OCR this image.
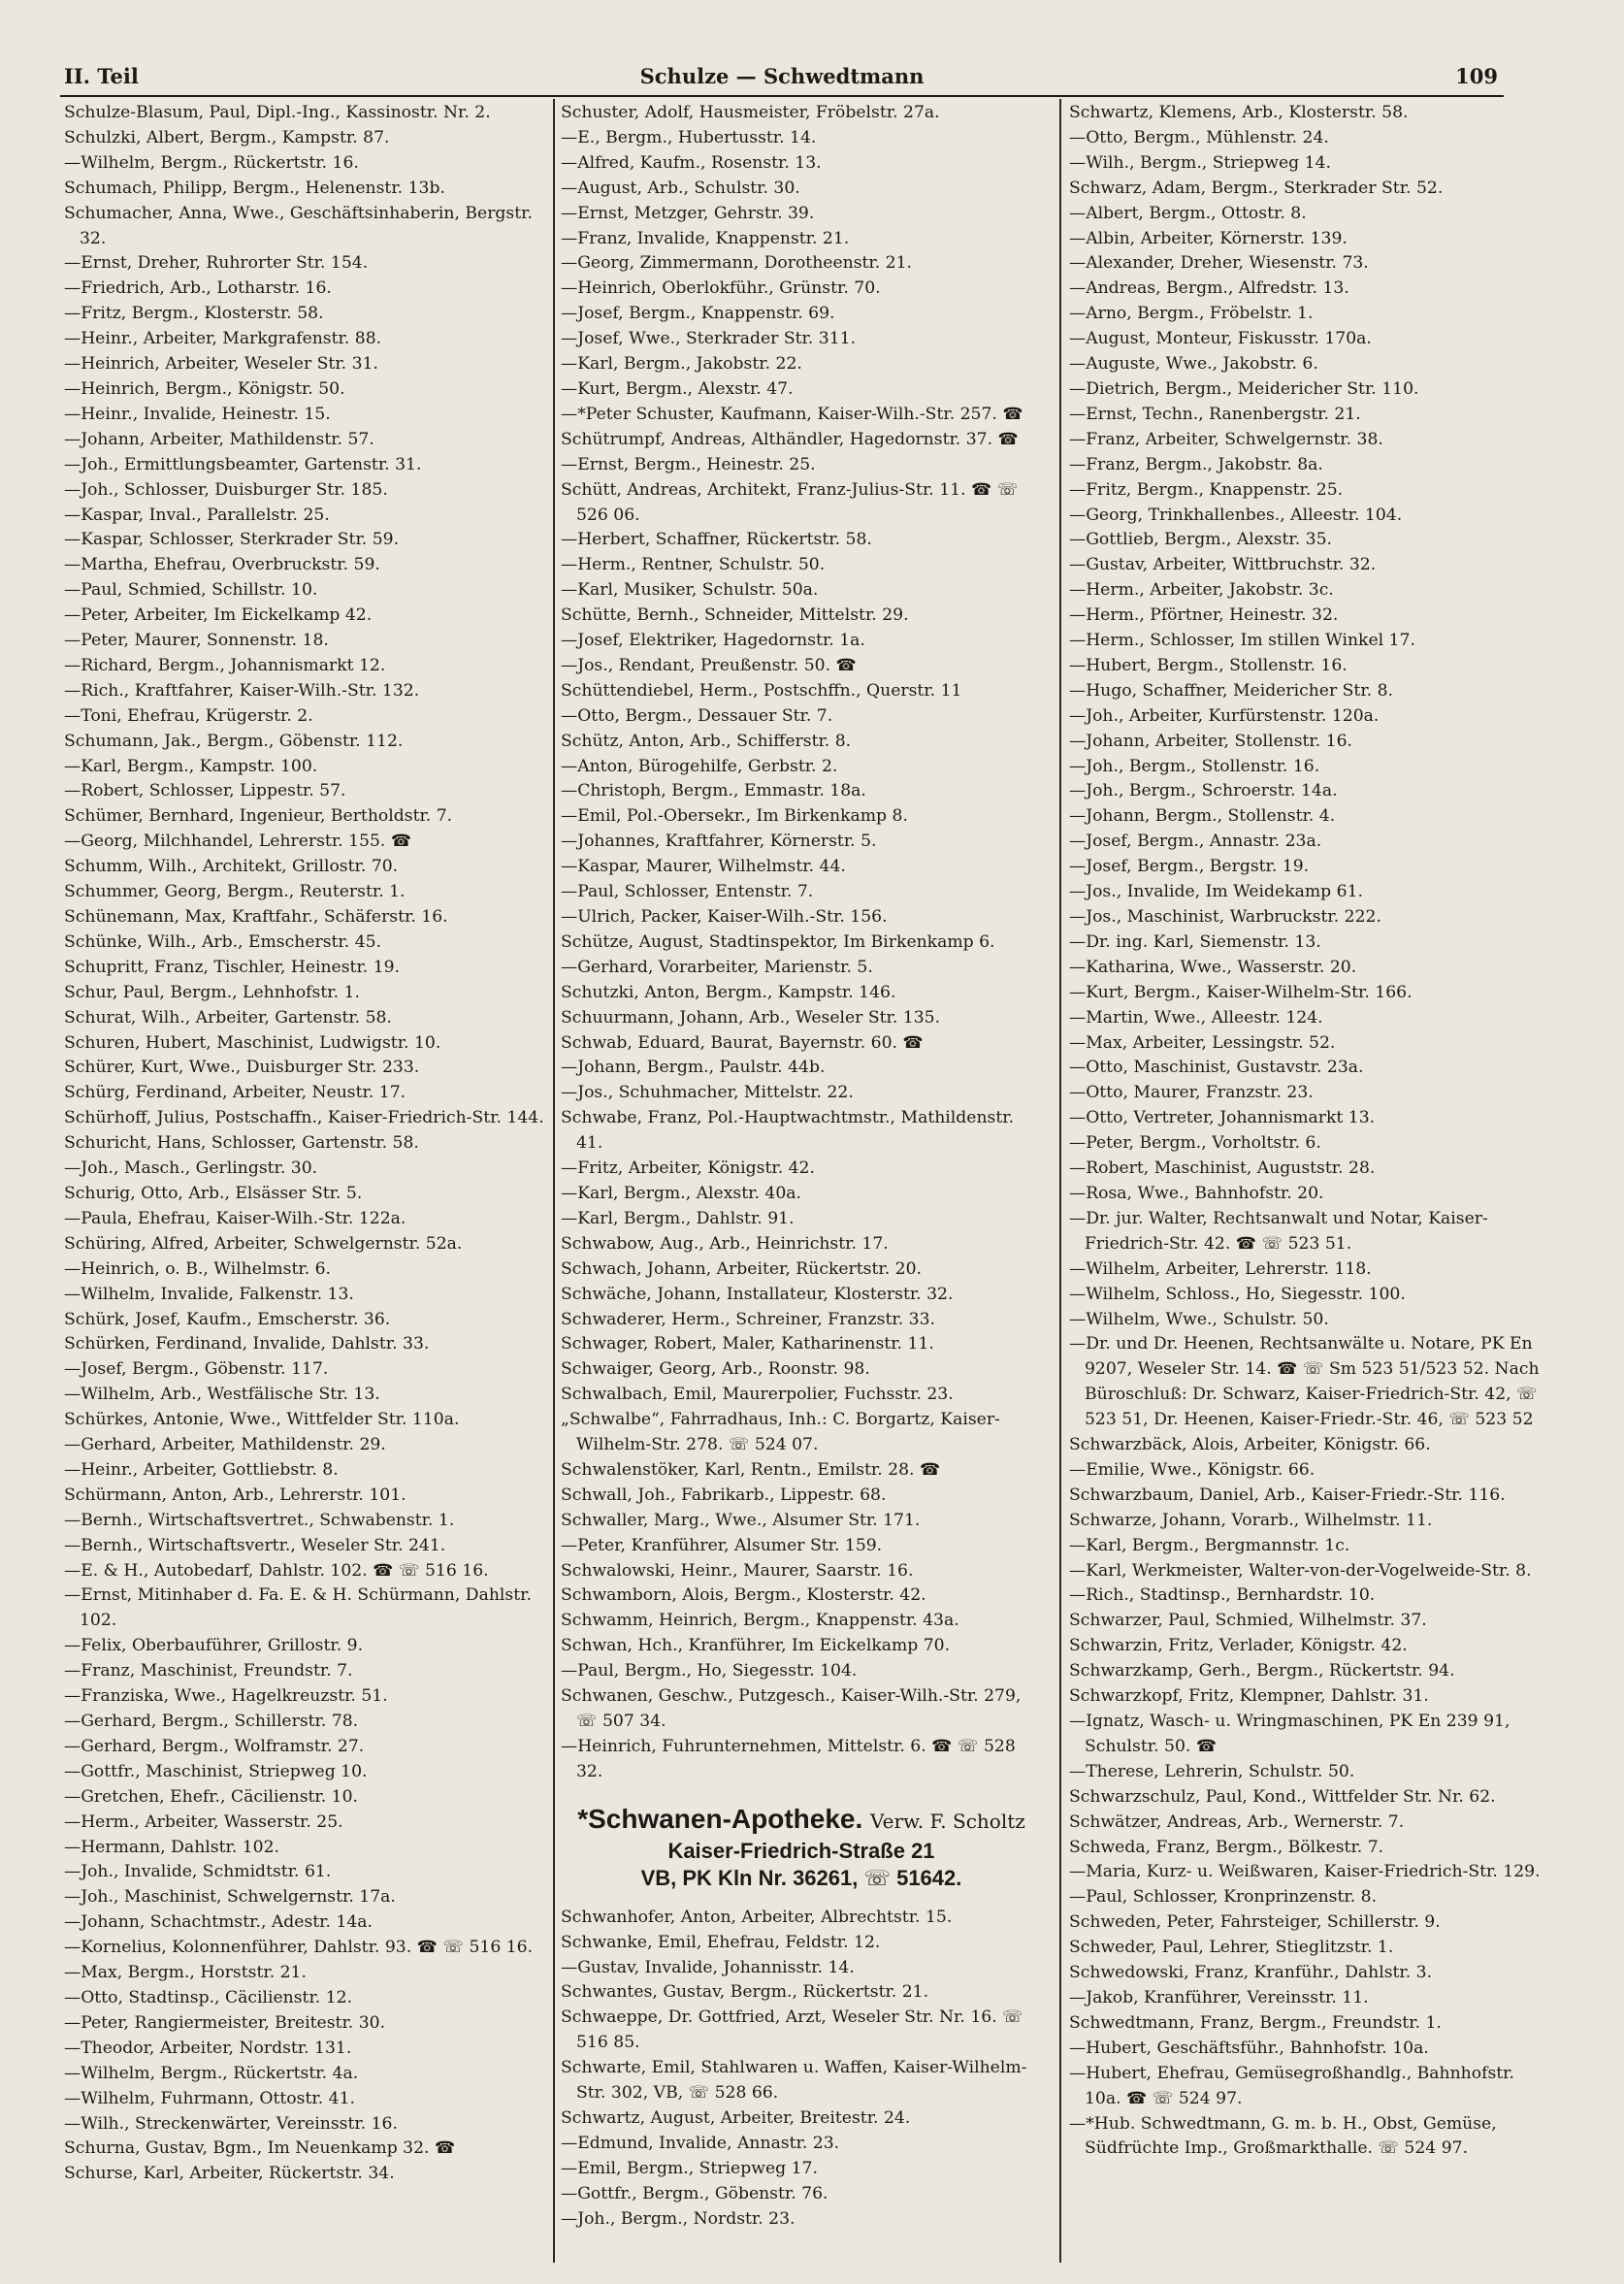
II. Teil	Schulze — Schwedtmann	109
Schulze-Blasum, Paul, Dipl.-Ing., Kassinostr. Nr. 2.
Schulzki, Albert, Bergm., Kampstr. 87.
—Wilhelm, Bergm., Rückertstr. 16.
Schumach, Philipp, Bergm., Helenenstr. 13b.
Schumacher, Anna, Wwe., Geschäftsinhaberin, Bergstr. 32.
—Ernst, Dreher, Ruhrorter Str. 154.
—Friedrich, Arb., Lotharstr. 16.
—Fritz, Bergm., Klosterstr. 58.
—Heinr., Arbeiter, Markgrafenstr. 88.
—Heinrich, Arbeiter, Weseler Str. 31.
—Heinrich, Bergm., Königstr. 50.
—Heinr., Invalide, Heinestr. 15.
—Johann, Arbeiter, Mathildenstr. 57.
—Joh., Ermittlungsbeamter, Gartenstr. 31.
—Joh., Schlosser, Duisburger Str. 185.
—Kaspar, Inval., Parallelstr. 25.
—Kaspar, Schlosser, Sterkrader Str. 59.
—Martha, Ehefrau, Overbruckstr. 59.
—Paul, Schmied, Schillstr. 10.
—Peter, Arbeiter, Im Eickelkamp 42.
—Peter, Maurer, Sonnenstr. 18.
—Richard, Bergm., Johannismarkt 12.
—Rich., Kraftfahrer, Kaiser-Wilh.-Str. 132.
—Toni, Ehefrau, Krügerstr. 2.
Schumann, Jak., Bergm., Göbenstr. 112.
—Karl, Bergm., Kampstr. 100.
—Robert, Schlosser, Lippestr. 57.
Schümer, Bernhard, Ingenieur, Bertholdstr. 7.
—Georg, Milchhandel, Lehrerstr. 155. ☎
Schumm, Wilh., Architekt, Grillostr. 70.
Schummer, Georg, Bergm., Reuterstr. 1.
Schünemann, Max, Kraftfahr., Schäferstr. 16.
Schünke, Wilh., Arb., Emscherstr. 45.
Schupritt, Franz, Tischler, Heinestr. 19.
Schur, Paul, Bergm., Lehnhofstr. 1.
Schurat, Wilh., Arbeiter, Gartenstr. 58.
Schuren, Hubert, Maschinist, Ludwigstr. 10.
Schürer, Kurt, Wwe., Duisburger Str. 233.
Schürg, Ferdinand, Arbeiter, Neustr. 17.
Schürhoff, Julius, Postschaffn., Kaiser-Friedrich-Str. 144.
Schuricht, Hans, Schlosser, Gartenstr. 58.
—Joh., Masch., Gerlingstr. 30.
Schurig, Otto, Arb., Elsässer Str. 5.
—Paula, Ehefrau, Kaiser-Wilh.-Str. 122a.
Schüring, Alfred, Arbeiter, Schwelgernstr. 52a.
—Heinrich, o. B., Wilhelmstr. 6.
—Wilhelm, Invalide, Falkenstr. 13.
Schürk, Josef, Kaufm., Emscherstr. 36.
Schürken, Ferdinand, Invalide, Dahlstr. 33.
—Josef, Bergm., Göbenstr. 117.
—Wilhelm, Arb., Westfälische Str. 13.
Schürkes, Antonie, Wwe., Wittfelder Str. 110a.
—Gerhard, Arbeiter, Mathildenstr. 29.
—Heinr., Arbeiter, Gottliebstr. 8.
Schürmann, Anton, Arb., Lehrerstr. 101.
—Bernh., Wirtschaftsvertret., Schwabenstr. 1.
—Bernh., Wirtschaftsvertr., Weseler Str. 241.
—E. & H., Autobedarf, Dahlstr. 102. ☎ ☏ 516 16.
—Ernst, Mitinhaber d. Fa. E. & H. Schürmann, Dahlstr. 102.
—Felix, Oberbauführer, Grillostr. 9.
—Franz, Maschinist, Freundstr. 7.
—Franziska, Wwe., Hagelkreuzstr. 51.
—Gerhard, Bergm., Schillerstr. 78.
—Gerhard, Bergm., Wolframstr. 27.
—Gottfr., Maschinist, Striepweg 10.
—Gretchen, Ehefr., Cäcilienstr. 10.
—Herm., Arbeiter, Wasserstr. 25.
—Hermann, Dahlstr. 102.
—Joh., Invalide, Schmidtstr. 61.
—Joh., Maschinist, Schwelgernstr. 17a.
—Johann, Schachtmstr., Adestr. 14a.
—Kornelius, Kolonnenführer, Dahlstr. 93. ☎ ☏ 516 16.
—Max, Bergm., Horststr. 21.
—Otto, Stadtinsp., Cäcilienstr. 12.
—Peter, Rangiermeister, Breitestr. 30.
—Theodor, Arbeiter, Nordstr. 131.
—Wilhelm, Bergm., Rückertstr. 4a.
—Wilhelm, Fuhrmann, Ottostr. 41.
—Wilh., Streckenwärter, Vereinsstr. 16.
Schurna, Gustav, Bgm., Im Neuenkamp 32. ☎
Schurse, Karl, Arbeiter, Rückertstr. 34.
Schuster, Adolf, Hausmeister, Fröbelstr. 27a.
—E., Bergm., Hubertusstr. 14.
—Alfred, Kaufm., Rosenstr. 13.
—August, Arb., Schulstr. 30.
—Ernst, Metzger, Gehrstr. 39.
—Franz, Invalide, Knappenstr. 21.
—Georg, Zimmermann, Dorotheenstr. 21.
—Heinrich, Oberlokführ., Grünstr. 70.
—Josef, Bergm., Knappenstr. 69.
—Josef, Wwe., Sterkrader Str. 311.
—Karl, Bergm., Jakobstr. 22.
—Kurt, Bergm., Alexstr. 47.
—*Peter Schuster, Kaufmann, Kaiser-Wilh.-Str. 257. ☎
Schütrumpf, Andreas, Althändler, Hagedornstr. 37. ☎
—Ernst, Bergm., Heinestr. 25.
Schütt, Andreas, Architekt, Franz-Julius-Str. 11. ☎ ☏ 526 06.
—Herbert, Schaffner, Rückertstr. 58.
—Herm., Rentner, Schulstr. 50.
—Karl, Musiker, Schulstr. 50a.
Schütte, Bernh., Schneider, Mittelstr. 29.
—Josef, Elektriker, Hagedornstr. 1a.
—Jos., Rendant, Preußenstr. 50. ☎
Schüttendiebel, Herm., Postschffn., Querstr. 11
—Otto, Bergm., Dessauer Str. 7.
Schütz, Anton, Arb., Schifferstr. 8.
—Anton, Bürogehilfe, Gerbstr. 2.
—Christoph, Bergm., Emmastr. 18a.
—Emil, Pol.-Obersekr., Im Birkenkamp 8.
—Johannes, Kraftfahrer, Körnerstr. 5.
—Kaspar, Maurer, Wilhelmstr. 44.
—Paul, Schlosser, Entenstr. 7.
—Ulrich, Packer, Kaiser-Wilh.-Str. 156.
Schütze, August, Stadtinspektor, Im Birkenkamp 6.
—Gerhard, Vorarbeiter, Marienstr. 5.
Schutzki, Anton, Bergm., Kampstr. 146.
Schuurmann, Johann, Arb., Weseler Str. 135.
Schwab, Eduard, Baurat, Bayernstr. 60. ☎
—Johann, Bergm., Paulstr. 44b.
—Jos., Schuhmacher, Mittelstr. 22.
Schwabe, Franz, Pol.-Hauptwachtmstr., Mathildenstr. 41.
—Fritz, Arbeiter, Königstr. 42.
—Karl, Bergm., Alexstr. 40a.
—Karl, Bergm., Dahlstr. 91.
Schwabow, Aug., Arb., Heinrichstr. 17.
Schwach, Johann, Arbeiter, Rückertstr. 20.
Schwäche, Johann, Installateur, Klosterstr. 32.
Schwaderer, Herm., Schreiner, Franzstr. 33.
Schwager, Robert, Maler, Katharinenstr. 11.
Schwaiger, Georg, Arb., Roonstr. 98.
Schwalbach, Emil, Maurerpolier, Fuchsstr. 23.
„Schwalbe“, Fahrradhaus, Inh.: C. Borgartz, Kaiser-Wilhelm-Str. 278. ☏ 524 07.
Schwalenstöker, Karl, Rentn., Emilstr. 28. ☎
Schwall, Joh., Fabrikarb., Lippestr. 68.
Schwaller, Marg., Wwe., Alsumer Str. 171.
—Peter, Kranführer, Alsumer Str. 159.
Schwalowski, Heinr., Maurer, Saarstr. 16.
Schwamborn, Alois, Bergm., Klosterstr. 42.
Schwamm, Heinrich, Bergm., Knappenstr. 43a.
Schwan, Hch., Kranführer, Im Eickelkamp 70.
—Paul, Bergm., Ho, Siegesstr. 104.
Schwanen, Geschw., Putzgesch., Kaiser-Wilh.-Str. 279, ☏ 507 34.
—Heinrich, Fuhrunternehmen, Mittelstr. 6. ☎ ☏ 528 32.
*Schwanen-Apotheke. Verw. F. Scholtz
Kaiser-Friedrich-Straße 21
VB, PK Kln Nr. 36261, ☏ 51642.
Schwanhofer, Anton, Arbeiter, Albrechtstr. 15.
Schwanke, Emil, Ehefrau, Feldstr. 12.
—Gustav, Invalide, Johannisstr. 14.
Schwantes, Gustav, Bergm., Rückertstr. 21.
Schwaeppe, Dr. Gottfried, Arzt, Weseler Str. Nr. 16. ☏ 516 85.
Schwarte, Emil, Stahlwaren u. Waffen, Kaiser-Wilhelm-Str. 302, VB, ☏ 528 66.
Schwartz, August, Arbeiter, Breitestr. 24.
—Edmund, Invalide, Annastr. 23.
—Emil, Bergm., Striepweg 17.
—Gottfr., Bergm., Göbenstr. 76.
—Joh., Bergm., Nordstr. 23.
Schwartz, Klemens, Arb., Klosterstr. 58.
—Otto, Bergm., Mühlenstr. 24.
—Wilh., Bergm., Striepweg 14.
Schwarz, Adam, Bergm., Sterkrader Str. 52.
—Albert, Bergm., Ottostr. 8.
—Albin, Arbeiter, Körnerstr. 139.
—Alexander, Dreher, Wiesenstr. 73.
—Andreas, Bergm., Alfredstr. 13.
—Arno, Bergm., Fröbelstr. 1.
—August, Monteur, Fiskusstr. 170a.
—Auguste, Wwe., Jakobstr. 6.
—Dietrich, Bergm., Meidericher Str. 110.
—Ernst, Techn., Ranenbergstr. 21.
—Franz, Arbeiter, Schwelgernstr. 38.
—Franz, Bergm., Jakobstr. 8a.
—Fritz, Bergm., Knappenstr. 25.
—Georg, Trinkhallenbes., Alleestr. 104.
—Gottlieb, Bergm., Alexstr. 35.
—Gustav, Arbeiter, Wittbruchstr. 32.
—Herm., Arbeiter, Jakobstr. 3c.
—Herm., Pförtner, Heinestr. 32.
—Herm., Schlosser, Im stillen Winkel 17.
—Hubert, Bergm., Stollenstr. 16.
—Hugo, Schaffner, Meidericher Str. 8.
—Joh., Arbeiter, Kurfürstenstr. 120a.
—Johann, Arbeiter, Stollenstr. 16.
—Joh., Bergm., Stollenstr. 16.
—Joh., Bergm., Schroerstr. 14a.
—Johann, Bergm., Stollenstr. 4.
—Josef, Bergm., Annastr. 23a.
—Josef, Bergm., Bergstr. 19.
—Jos., Invalide, Im Weidekamp 61.
—Jos., Maschinist, Warbruckstr. 222.
—Dr. ing. Karl, Siemenstr. 13.
—Katharina, Wwe., Wasserstr. 20.
—Kurt, Bergm., Kaiser-Wilhelm-Str. 166.
—Martin, Wwe., Alleestr. 124.
—Max, Arbeiter, Lessingstr. 52.
—Otto, Maschinist, Gustavstr. 23a.
—Otto, Maurer, Franzstr. 23.
—Otto, Vertreter, Johannismarkt 13.
—Peter, Bergm., Vorholtstr. 6.
—Robert, Maschinist, Auguststr. 28.
—Rosa, Wwe., Bahnhofstr. 20.
—Dr. jur. Walter, Rechtsanwalt und Notar, Kaiser-Friedrich-Str. 42. ☎ ☏ 523 51.
—Wilhelm, Arbeiter, Lehrerstr. 118.
—Wilhelm, Schloss., Ho, Siegesstr. 100.
—Wilhelm, Wwe., Schulstr. 50.
—Dr. und Dr. Heenen, Rechtsanwälte u. Notare, PK En 9207, Weseler Str. 14. ☎ ☏ Sm 523 51/523 52. Nach Büroschluß: Dr. Schwarz, Kaiser-Friedrich-Str. 42, ☏ 523 51, Dr. Heenen, Kaiser-Friedr.-Str. 46, ☏ 523 52
Schwarzbäck, Alois, Arbeiter, Königstr. 66.
—Emilie, Wwe., Königstr. 66.
Schwarzbaum, Daniel, Arb., Kaiser-Friedr.-Str. 116.
Schwarze, Johann, Vorarb., Wilhelmstr. 11.
—Karl, Bergm., Bergmannstr. 1c.
—Karl, Werkmeister, Walter-von-der-Vogelweide-Str. 8.
—Rich., Stadtinsp., Bernhardstr. 10.
Schwarzer, Paul, Schmied, Wilhelmstr. 37.
Schwarzin, Fritz, Verlader, Königstr. 42.
Schwarzkamp, Gerh., Bergm., Rückertstr. 94.
Schwarzkopf, Fritz, Klempner, Dahlstr. 31.
—Ignatz, Wasch- u. Wringmaschinen, PK En 239 91, Schulstr. 50. ☎
—Therese, Lehrerin, Schulstr. 50.
Schwarzschulz, Paul, Kond., Wittfelder Str. Nr. 62.
Schwätzer, Andreas, Arb., Wernerstr. 7.
Schweda, Franz, Bergm., Bölkestr. 7.
—Maria, Kurz- u. Weißwaren, Kaiser-Friedrich-Str. 129.
—Paul, Schlosser, Kronprinzenstr. 8.
Schweden, Peter, Fahrsteiger, Schillerstr. 9.
Schweder, Paul, Lehrer, Stieglitzstr. 1.
Schwedowski, Franz, Kranführ., Dahlstr. 3.
—Jakob, Kranführer, Vereinsstr. 11.
Schwedtmann, Franz, Bergm., Freundstr. 1.
—Hubert, Geschäftsführ., Bahnhofstr. 10a.
—Hubert, Ehefrau, Gemüsegroßhandlg., Bahnhofstr. 10a. ☎ ☏ 524 97.
—*Hub. Schwedtmann, G. m. b. H., Obst, Gemüse, Südfrüchte Imp., Großmarkthalle. ☏ 524 97.
